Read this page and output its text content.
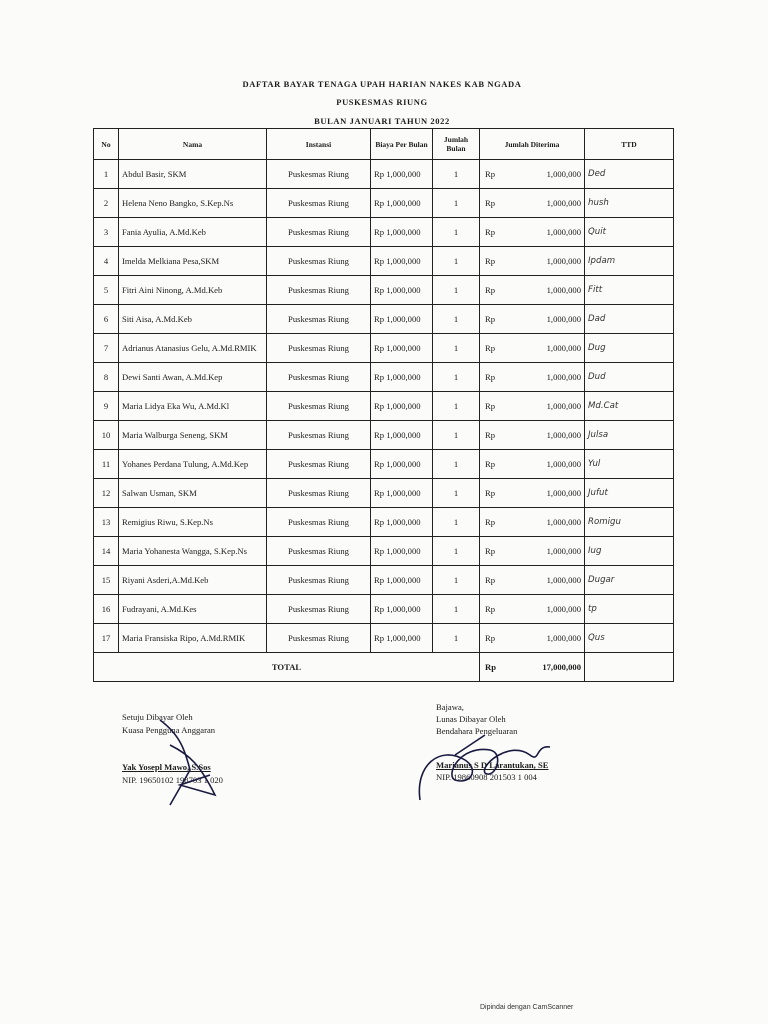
DAFTAR BAYAR TENAGA UPAH HARIAN NAKES KAB NGADA
PUSKESMAS RIUNG
BULAN JANUARI TAHUN 2022
No	Nama	Instansi	Biaya Per Bulan	Jumlah Bulan	Jumlah Diterima	TTD
1	Abdul Basir, SKM	Puskesmas Riung	Rp 1,000,000	1	Rp 1,000,000	Ded
2	Helena Neno Bangko, S.Kep.Ns	Puskesmas Riung	Rp 1,000,000	1	Rp 1,000,000	hush
3	Fania Ayulia, A.Md.Keb	Puskesmas Riung	Rp 1,000,000	1	Rp 1,000,000	Quit
4	Imelda Melkiana Pesa,SKM	Puskesmas Riung	Rp 1,000,000	1	Rp 1,000,000	Ipdam
5	Fitri Aini Ninong, A.Md.Keb	Puskesmas Riung	Rp 1,000,000	1	Rp 1,000,000	Fitt
6	Siti Aisa, A.Md.Keb	Puskesmas Riung	Rp 1,000,000	1	Rp 1,000,000	Dad
7	Adrianus Atanasius Gelu, A.Md.RMIK	Puskesmas Riung	Rp 1,000,000	1	Rp 1,000,000	Dug
8	Dewi Santi Awan, A.Md.Kep	Puskesmas Riung	Rp 1,000,000	1	Rp 1,000,000	Dud
9	Maria Lidya Eka Wu, A.Md.Kl	Puskesmas Riung	Rp 1,000,000	1	Rp 1,000,000	Md.Cat
10	Maria Walburga Seneng, SKM	Puskesmas Riung	Rp 1,000,000	1	Rp 1,000,000	Julsa
11	Yohanes Perdana Tulung, A.Md.Kep	Puskesmas Riung	Rp 1,000,000	1	Rp 1,000,000	Yul
12	Salwan Usman, SKM	Puskesmas Riung	Rp 1,000,000	1	Rp 1,000,000	Jufut
13	Remigius Riwu, S.Kep.Ns	Puskesmas Riung	Rp 1,000,000	1	Rp 1,000,000	Romigu
14	Maria Yohanesta Wangga, S.Kep.Ns	Puskesmas Riung	Rp 1,000,000	1	Rp 1,000,000	Iug
15	Riyani Asderi,A.Md.Keb	Puskesmas Riung	Rp 1,000,000	1	Rp 1,000,000	Dugar
16	Fudrayani, A.Md.Kes	Puskesmas Riung	Rp 1,000,000	1	Rp 1,000,000	tp
17	Maria Fransiska Ripo, A.Md.RMIK	Puskesmas Riung	Rp 1,000,000	1	Rp 1,000,000	Qus
TOTAL					Rp 17,000,000	

Setuju Dibayar Oleh
Kuasa Pengguna Anggaran
Yak Yosepl Mawo, S.Sos
NIP. 19650102 198703 1 020
Bajawa,
Lunas Dibayar Oleh
Bendahara Pengeluaran
Marianus S D Larantukan, SE
NIP. 19860908 201503 1 004
Dipindai dengan CamScanner
